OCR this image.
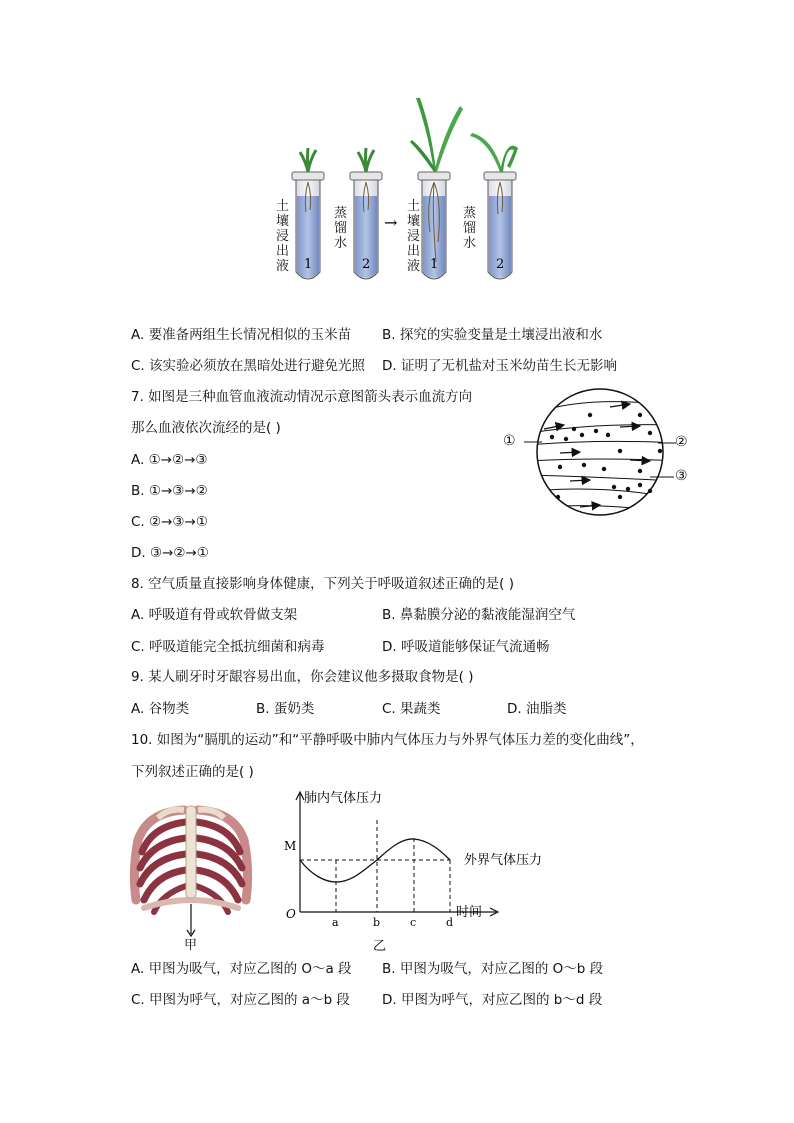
→
1	2	1	2
土壤浸出液
蒸馏水
土壤浸出液
蒸馏水
A. 要准备两组生长情况相似的玉米苗 B. 探究的实验变量是土壤浸出液和水
C. 该实验必须放在黑暗处进行避免光照 D. 证明了无机盐对玉米幼苗生长无影响
7. 如图是三种血管血液流动情况示意图箭头表示血流方向
那么血液依次流经的是( )
A. ①→②→③
B. ①→③→②
C. ②→③→①
D. ③→②→①
①	②
③
8. 空气质量直接影响身体健康，下列关于呼吸道叙述正确的是( )
A. 呼吸道有骨或软骨做支架	B. 鼻黏膜分泌的黏液能湿润空气
C. 呼吸道能完全抵抗细菌和病毒	D. 呼吸道能够保证气流通畅
9. 某人刷牙时牙龈容易出血，你会建议他多摄取食物是( )
A. 谷物类	B. 蛋奶类	C. 果蔬类	D. 油脂类
10. 如图为“膈肌的运动”和“平静呼吸中肺内气体压力与外界气体压力差的变化曲线”，
下列叙述正确的是( )
甲
肺内气体压力
M
外界气体压力
O
a	b	c	d
时间
乙
A. 甲图为吸气，对应乙图的 O～a 段 B. 甲图为吸气，对应乙图的 O～b 段
C. 甲图为呼气，对应乙图的 a～b 段 D. 甲图为呼气，对应乙图的 b～d 段
